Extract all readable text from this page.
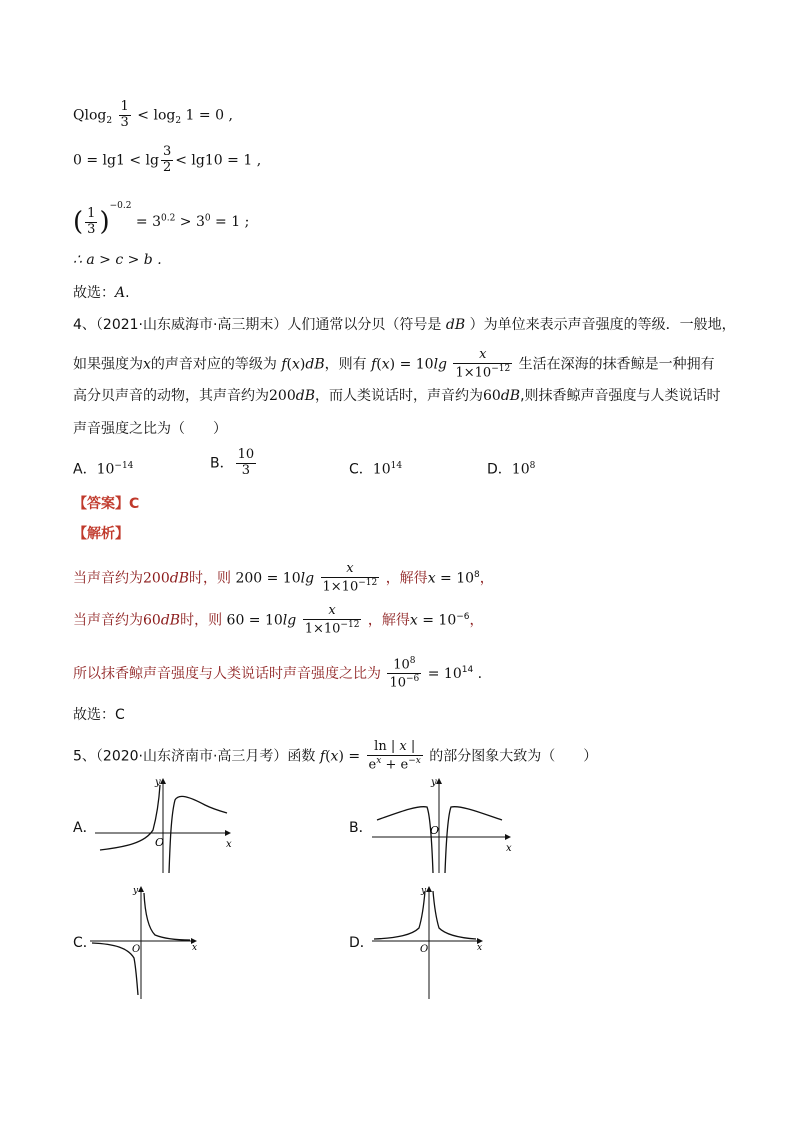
$Qlog_2 \frac{1}{3} < \log_2 1 = 0$ ,
$0 = \lg 1 < \lg \frac{3}{2} < \lg 10 = 1$ ,
( $\frac{1}{3} )^{-0.2} = 3^{0.2} > 3^0 = 1$ ;
∴ a > c > b .
故选：A.
4、（2021·山东威海市·高三期末）人们通常以分贝（符号是 dB ）为单位来表示声音强度的等级．一般地，
如果强度为x的声音对应的等级为 f(x)dB，则有 $f(x) = 10\lg \frac{x}{1\times 10^{-12}}$ 生活在深海的抹香鲸是一种拥有
高分贝声音的动物，其声音约为200dB，而人类说话时，声音约为60dB,则抹香鲸声音强度与人类说话时
声音强度之比为（　　）
A．$10^{-14}$	B． $\frac{10}{3}$	C．$10^{14}$	D．$10^8$
【答案】C
【解析】
当声音约为200dB时，则 $200 = 10\lg \frac{x}{1\times 10^{-12}}$ ，解得$x = 10^8$，
当声音约为60dB时，则 $60 = 10\lg \frac{x}{1\times 10^{-12}}$ ，解得$x = 10^{-6}$，
所以抹香鲸声音强度与人类说话时声音强度之比为 $\frac{10^8}{10^{-6}} = 10^{14}$ .
故选：C
5、（2020·山东济南市·高三月考）函数 $f(x) = \frac{\ln | x |}{e^x + e^{-x}}$ 的部分图象大致为（　　）
A．
x
y
O
B．
x
y
O
C．	x
y
O	D．	x
y
O
